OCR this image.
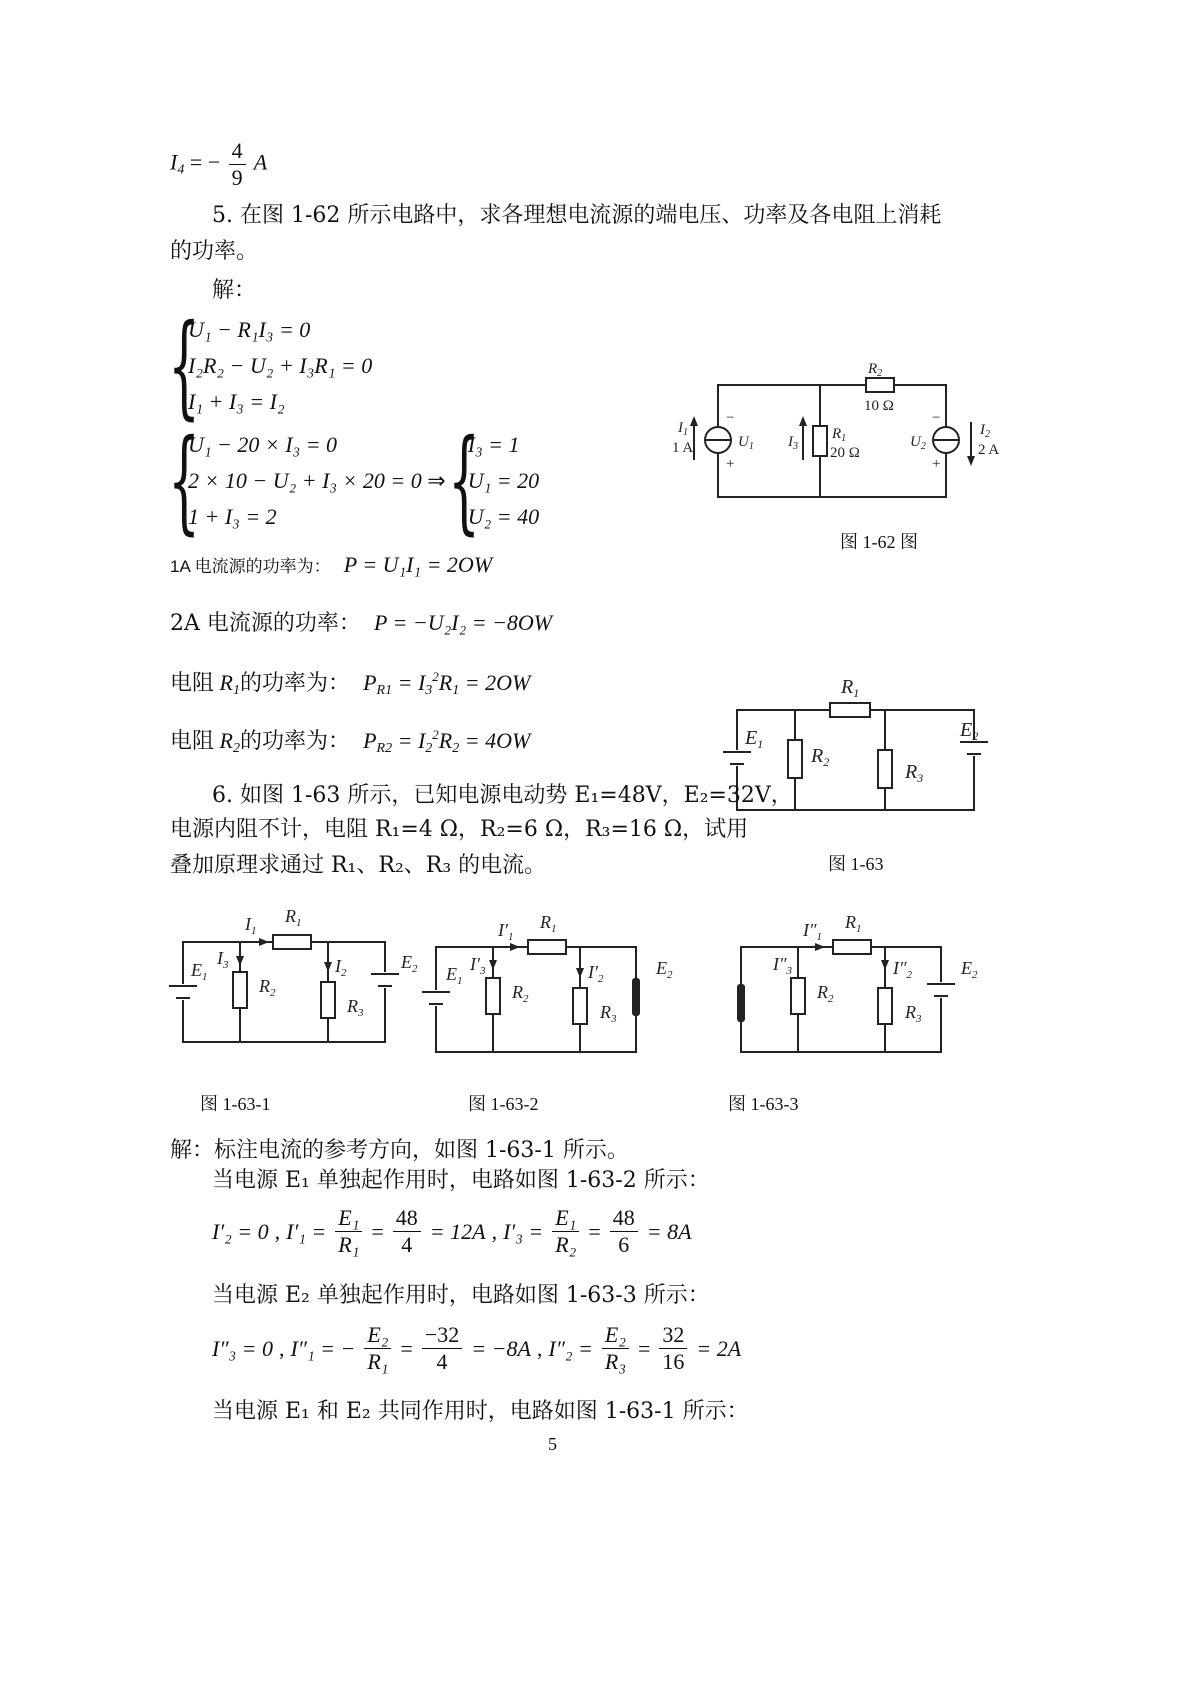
$I_4$ = − $\frac{4}{9}$ A
5. 在图 1-62 所示电路中，求各理想电流源的端电压、功率及各电阻上消耗
的功率。
解：
{
U₁ − R₁I₃ = 0
I₂R₂ − U₂ + I₃R₁ = 0
I₁ + I₃ = I₂
{
U₁ − 20 × I₃ = 0
2 × 10 − U₂ + I₃ × 20 = 0 ⇒
1 + I₃ = 2	{
I₃ = 1
U₁ = 20
U₂ = 40
1A 电流源的功率为： P = U₁I₁ = 2OW
2A 电流源的功率： P = −U₂I₂ = −8OW
电阻 $R_1$的功率为： $P_{R1} = I_3^2R_1 = 2OW$
电阻 $R_2$的功率为： $P_{R2} = I_2^2R_2 = 4OW$
$R_2$
10 Ω
$R_1$
20 Ω
$I_1$
1 A	$I_3$
$U_1$	$U_2$
$I_2$
2 A
−
+
−
+
图 1-62 图
$R_1$
$E_1$
$E_2$
$R_2$	$R_3$
图 1-63
6. 如图 1-63 所示，已知电源电动势 E₁=48V，E₂=32V，
电源内阻不计，电阻 R₁=4 Ω，R₂=6 Ω，R₃=16 Ω，试用
叠加原理求通过 R₁、R₂、R₃ 的电流。
$R_1$
$I_1$
$I_3$	$I_2$
$E_1$
$E_2$
$R_2$
$R_3$
图 1-63-1
$R_1$
$I'_1$
$I'_3$	$I'_2$
$E_1$
$E_2$
$R_2$
$R_3$
图 1-63-2
$R_1$
$I''_1$
$I''_3$	$I''_2$	$E_2$
$R_2$
$R_3$
图 1-63-3
解：标注电流的参考方向，如图 1-63-1 所示。
当电源 E₁ 单独起作用时，电路如图 1-63-2 所示：
I′₂ = 0 , $I'_1 = \frac{\text{E₁}}{\text{R₁}} = \frac{48}{4} = 12A$ , $I'_3 = \frac{\text{E₁}}{\text{R₂}} = \frac{48}{6} = 8A$
当电源 E₂ 单独起作用时，电路如图 1-63-3 所示：
I″₃ = 0 , I″₁ = − $\frac{\text{E₂}}{\text{R₁}} = \frac{-32}{4} = -8A$ , $I''_2 = \frac{\text{E₂}}{\text{R₃}} = \frac{32}{16} = 2A$
当电源 E₁ 和 E₂ 共同作用时，电路如图 1-63-1 所示：
5
